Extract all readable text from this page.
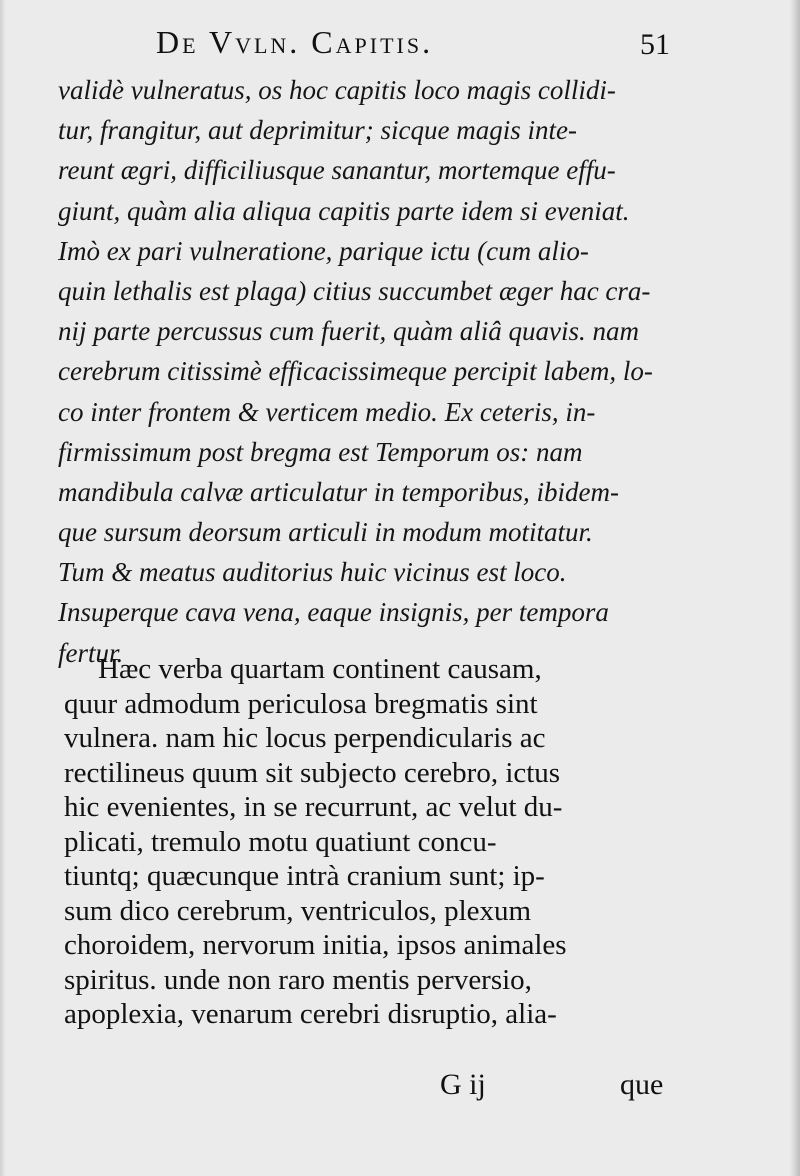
De Vvln. Capitis.	51
validè vulneratus, os hoc capitis loco magis collidi-
tur, frangitur, aut deprimitur; sicque magis inte-
reunt ægri, difficiliusque sanantur, mortemque effu-
giunt, quàm alia aliqua capitis parte idem si eveniat.
Imò ex pari vulneratione, parique ictu (cum alio-
quin lethalis est plaga) citius succumbet æger hac cra-
nij parte percussus cum fuerit, quàm aliâ quavis. nam
cerebrum citissimè efficacissimeque percipit labem, lo-
co inter frontem & verticem medio. Ex ceteris, in-
firmissimum post bregma est Temporum os: nam
mandibula calvæ articulatur in temporibus, ibidem-
que sursum deorsum articuli in modum motitatur.
Tum & meatus auditorius huic vicinus est loco.
Insuperque cava vena, eaque insignis, per tempora
fertur.
Hæc verba quartam continent causam,
quur admodum periculosa bregmatis sint
vulnera. nam hic locus perpendicularis ac
rectilineus quum sit subjecto cerebro, ictus
hic evenientes, in se recurrunt, ac velut du-
plicati, tremulo motu quatiunt concu-
tiuntq; quæcunque intrà cranium sunt; ip-
sum dico cerebrum, ventriculos, plexum
choroidem, nervorum initia, ipsos animales
spiritus. unde non raro mentis perversio,
apoplexia, venarum cerebri disruptio, alia-
G ij	que
